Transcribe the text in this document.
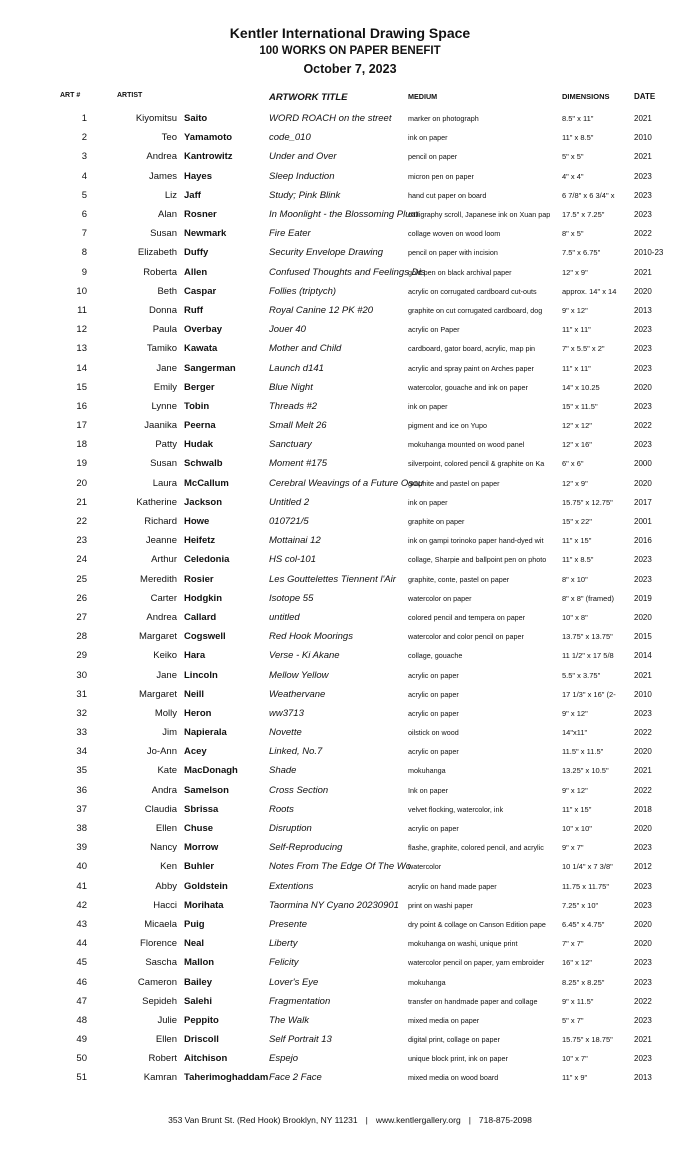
Kentler International Drawing Space
100 WORKS ON PAPER BENEFIT
October 7, 2023
ART #	ARTIST		ARTWORK TITLE	MEDIUM	DIMENSIONS	DATE
1	Kiyomitsu	Saito	WORD ROACH on the street	marker on photograph	8.5" x 11"	2021
2	Teo	Yamamoto	code_010	ink on paper	11" x 8.5"	2010
3	Andrea	Kantrowitz	Under and Over	pencil on paper	5" x 5"	2021
4	James	Hayes	Sleep Induction	micron pen on paper	4" x 4"	2023
5	Liz	Jaff	Study; Pink Blink	hand cut paper on board	6 7/8" x 6 3/4" x	2023
6	Alan	Rosner	In Moonlight - the Blossoming Plum	calligraphy scroll, Japanese ink on Xuan pap	17.5" x 7.25"	2023
7	Susan	Newmark	Fire Eater	collage woven on wood loom	8" x 5"	2022
8	Elizabeth	Duffy	Security Envelope Drawing	pencil on paper with incision	7.5" x 6.75"	2010-23
9	Roberta	Allen	Confused Thoughts and Feelings Dis	gold pen on black archival paper	12" x 9"	2021
10	Beth	Caspar	Follies (triptych)	acrylic on corrugated cardboard cut-outs	approx. 14" x 14	2020
11	Donna	Ruff	Royal Canine 12 PK #20	graphite on cut corrugated cardboard, dog	9" x 12"	2013
12	Paula	Overbay	Jouer 40	acrylic on Paper	11" x 11"	2023
13	Tamiko	Kawata	Mother and Child	cardboard, gator board, acrylic, map pin	7" x 5.5" x 2"	2023
14	Jane	Sangerman	Launch d141	acrylic and spray paint on Arches paper	11" x 11"	2023
15	Emily	Berger	Blue Night	watercolor, gouache and ink on paper	14" x 10.25	2020
16	Lynne	Tobin	Threads #2	ink on paper	15" x 11.5"	2023
17	Jaanika	Peerna	Small Melt 26	pigment and ice on Yupo	12" x 12"	2022
18	Patty	Hudak	Sanctuary	mokuhanga mounted on wood panel	12" x 16"	2023
19	Susan	Schwalb	Moment #175	silverpoint, colored pencil & graphite on Ka	6" x 6"	2000
20	Laura	McCallum	Cerebral Weavings of a Future Oscu	graphite and pastel on paper	12" x 9"	2020
21	Katherine	Jackson	Untitled 2	ink on paper	15.75" x 12.75"	2017
22	Richard	Howe	010721/5	graphite on paper	15" x 22"	2001
23	Jeanne	Heifetz	Mottainai 12	ink on gampi torinoko paper hand-dyed wit	11" x 15"	2016
24	Arthur	Celedonia	HS col-101	collage, Sharpie and ballpoint pen on photo	11" x 8.5"	2023
25	Meredith	Rosier	Les Gouttelettes Tiennent l'Air	graphite, conte, pastel on paper	8" x 10"	2023
26	Carter	Hodgkin	Isotope 55	watercolor on paper	8" x 8" (framed)	2019
27	Andrea	Callard	untitled	colored pencil and tempera on paper	10" x 8"	2020
28	Margaret	Cogswell	Red Hook Moorings	watercolor and color pencil on paper	13.75" x 13.75"	2015
29	Keiko	Hara	Verse - Ki Akane	collage, gouache	11 1/2" x 17 5/8	2014
30	Jane	Lincoln	Mellow Yellow	acrylic on paper	5.5" x 3.75"	2021
31	Margaret	Neill	Weathervane	acrylic on paper	17 1/3" x 16" (2-	2010
32	Molly	Heron	ww3713	acrylic on paper	9" x 12"	2023
33	Jim	Napierala	Novette	oilstick on wood	14"x11"	2022
34	Jo-Ann	Acey	Linked, No.7	acrylic on paper	11.5" x 11.5"	2020
35	Kate	MacDonagh	Shade	mokuhanga	13.25" x 10.5"	2021
36	Andra	Samelson	Cross Section	Ink on paper	9" x 12"	2022
37	Claudia	Sbrissa	Roots	velvet flocking, watercolor, ink	11" x 15"	2018
38	Ellen	Chuse	Disruption	acrylic on paper	10" x 10"	2020
39	Nancy	Morrow	Self-Reproducing	flashe, graphite, colored pencil, and acrylic	9" x 7"	2023
40	Ken	Buhler	Notes From The Edge Of The Wo	watercolor	10 1/4" x 7 3/8"	2012
41	Abby	Goldstein	Extentions	acrylic on hand made paper	11.75 x 11.75"	2023
42	Hacci	Morihata	Taormina NY Cyano 20230901	print on washi paper	7.25" x 10"	2023
43	Micaela	Puig	Presente	dry point & collage on Canson Edition pape	6.45" x 4.75"	2020
44	Florence	Neal	Liberty	mokuhanga on washi, unique print	7" x 7"	2020
45	Sascha	Mallon	Felicity	watercolor pencil on paper, yarn embroider	16" x 12"	2023
46	Cameron	Bailey	Lover's Eye	mokuhanga	8.25" x 8.25"	2023
47	Sepideh	Salehi	Fragmentation	transfer on handmade paper and collage	9" x 11.5"	2022
48	Julie	Peppito	The Walk	mixed media on paper	5" x 7"	2023
49	Ellen	Driscoll	Self Portrait 13	digital print, collage on paper	15.75" x 18.75"	2021
50	Robert	Aitchison	Espejo	unique block print, ink on paper	10" x 7"	2023
51	Kamran	Taherimoghaddam	Face 2 Face	mixed media on wood board	11" x 9"	2013
353 Van Brunt St. (Red Hook) Brooklyn, NY 11231 | www.kentlergallery.org | 718-875-2098
